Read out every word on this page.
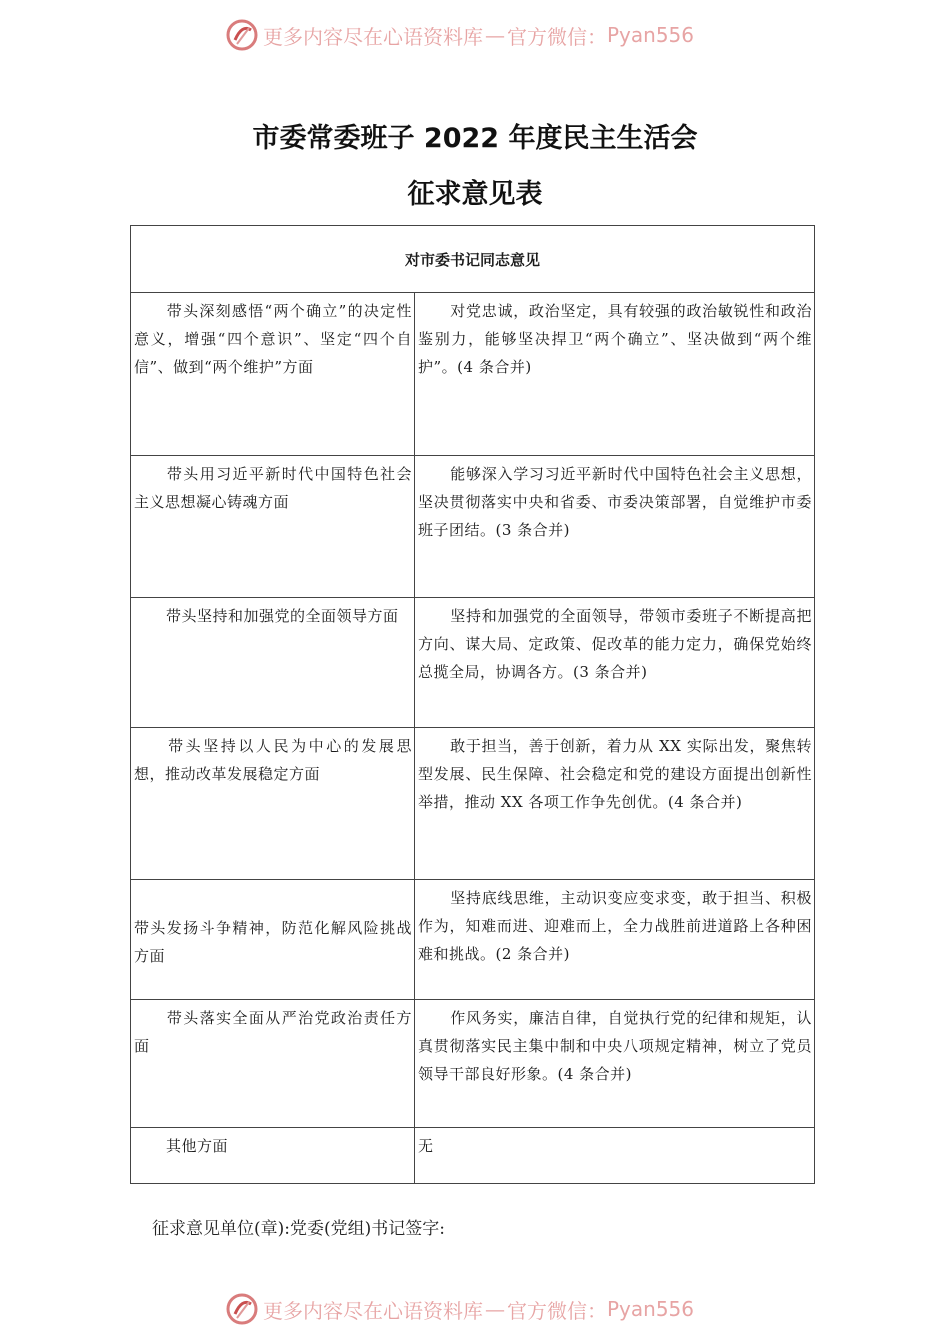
更多内容尽在心语资料库 — 官方微信： Pyan556
市委常委班子 2022 年度民主生活会
征求意见表
对市委书记同志意见	
带头深刻感悟“两个确立”的决定性意义，增强“四个意识”、坚定“四个自信”、做到“两个维护”方面	对党忠诚，政治坚定，具有较强的政治敏锐性和政治鉴别力，能够坚决捍卫“两个确立”、坚决做到“两个维护”。(4 条合并)
带头用习近平新时代中国特色社会主义思想凝心铸魂方面	能够深入学习习近平新时代中国特色社会主义思想，坚决贯彻落实中央和省委、市委决策部署，自觉维护市委班子团结。(3 条合并)
带头坚持和加强党的全面领导方面	坚持和加强党的全面领导，带领市委班子不断提高把方向、谋大局、定政策、促改革的能力定力，确保党始终总揽全局，协调各方。(3 条合并)
带头坚持以人民为中心的发展思想，推动改革发展稳定方面	敢于担当，善于创新，着力从 XX 实际出发，聚焦转型发展、民生保障、社会稳定和党的建设方面提出创新性举措，推动 XX 各项工作争先创优。(4 条合并)
带头发扬斗争精神，防范化解风险挑战方面	坚持底线思维，主动识变应变求变，敢于担当、积极作为，知难而进、迎难而上，全力战胜前进道路上各种困难和挑战。(2 条合并)
带头落实全面从严治党政治责任方面	作风务实，廉洁自律，自觉执行党的纪律和规矩，认真贯彻落实民主集中制和中央八项规定精神，树立了党员领导干部良好形象。(4 条合并)
其他方面	无
征求意见单位(章):党委(党组)书记签字:
更多内容尽在心语资料库 — 官方微信： Pyan556
